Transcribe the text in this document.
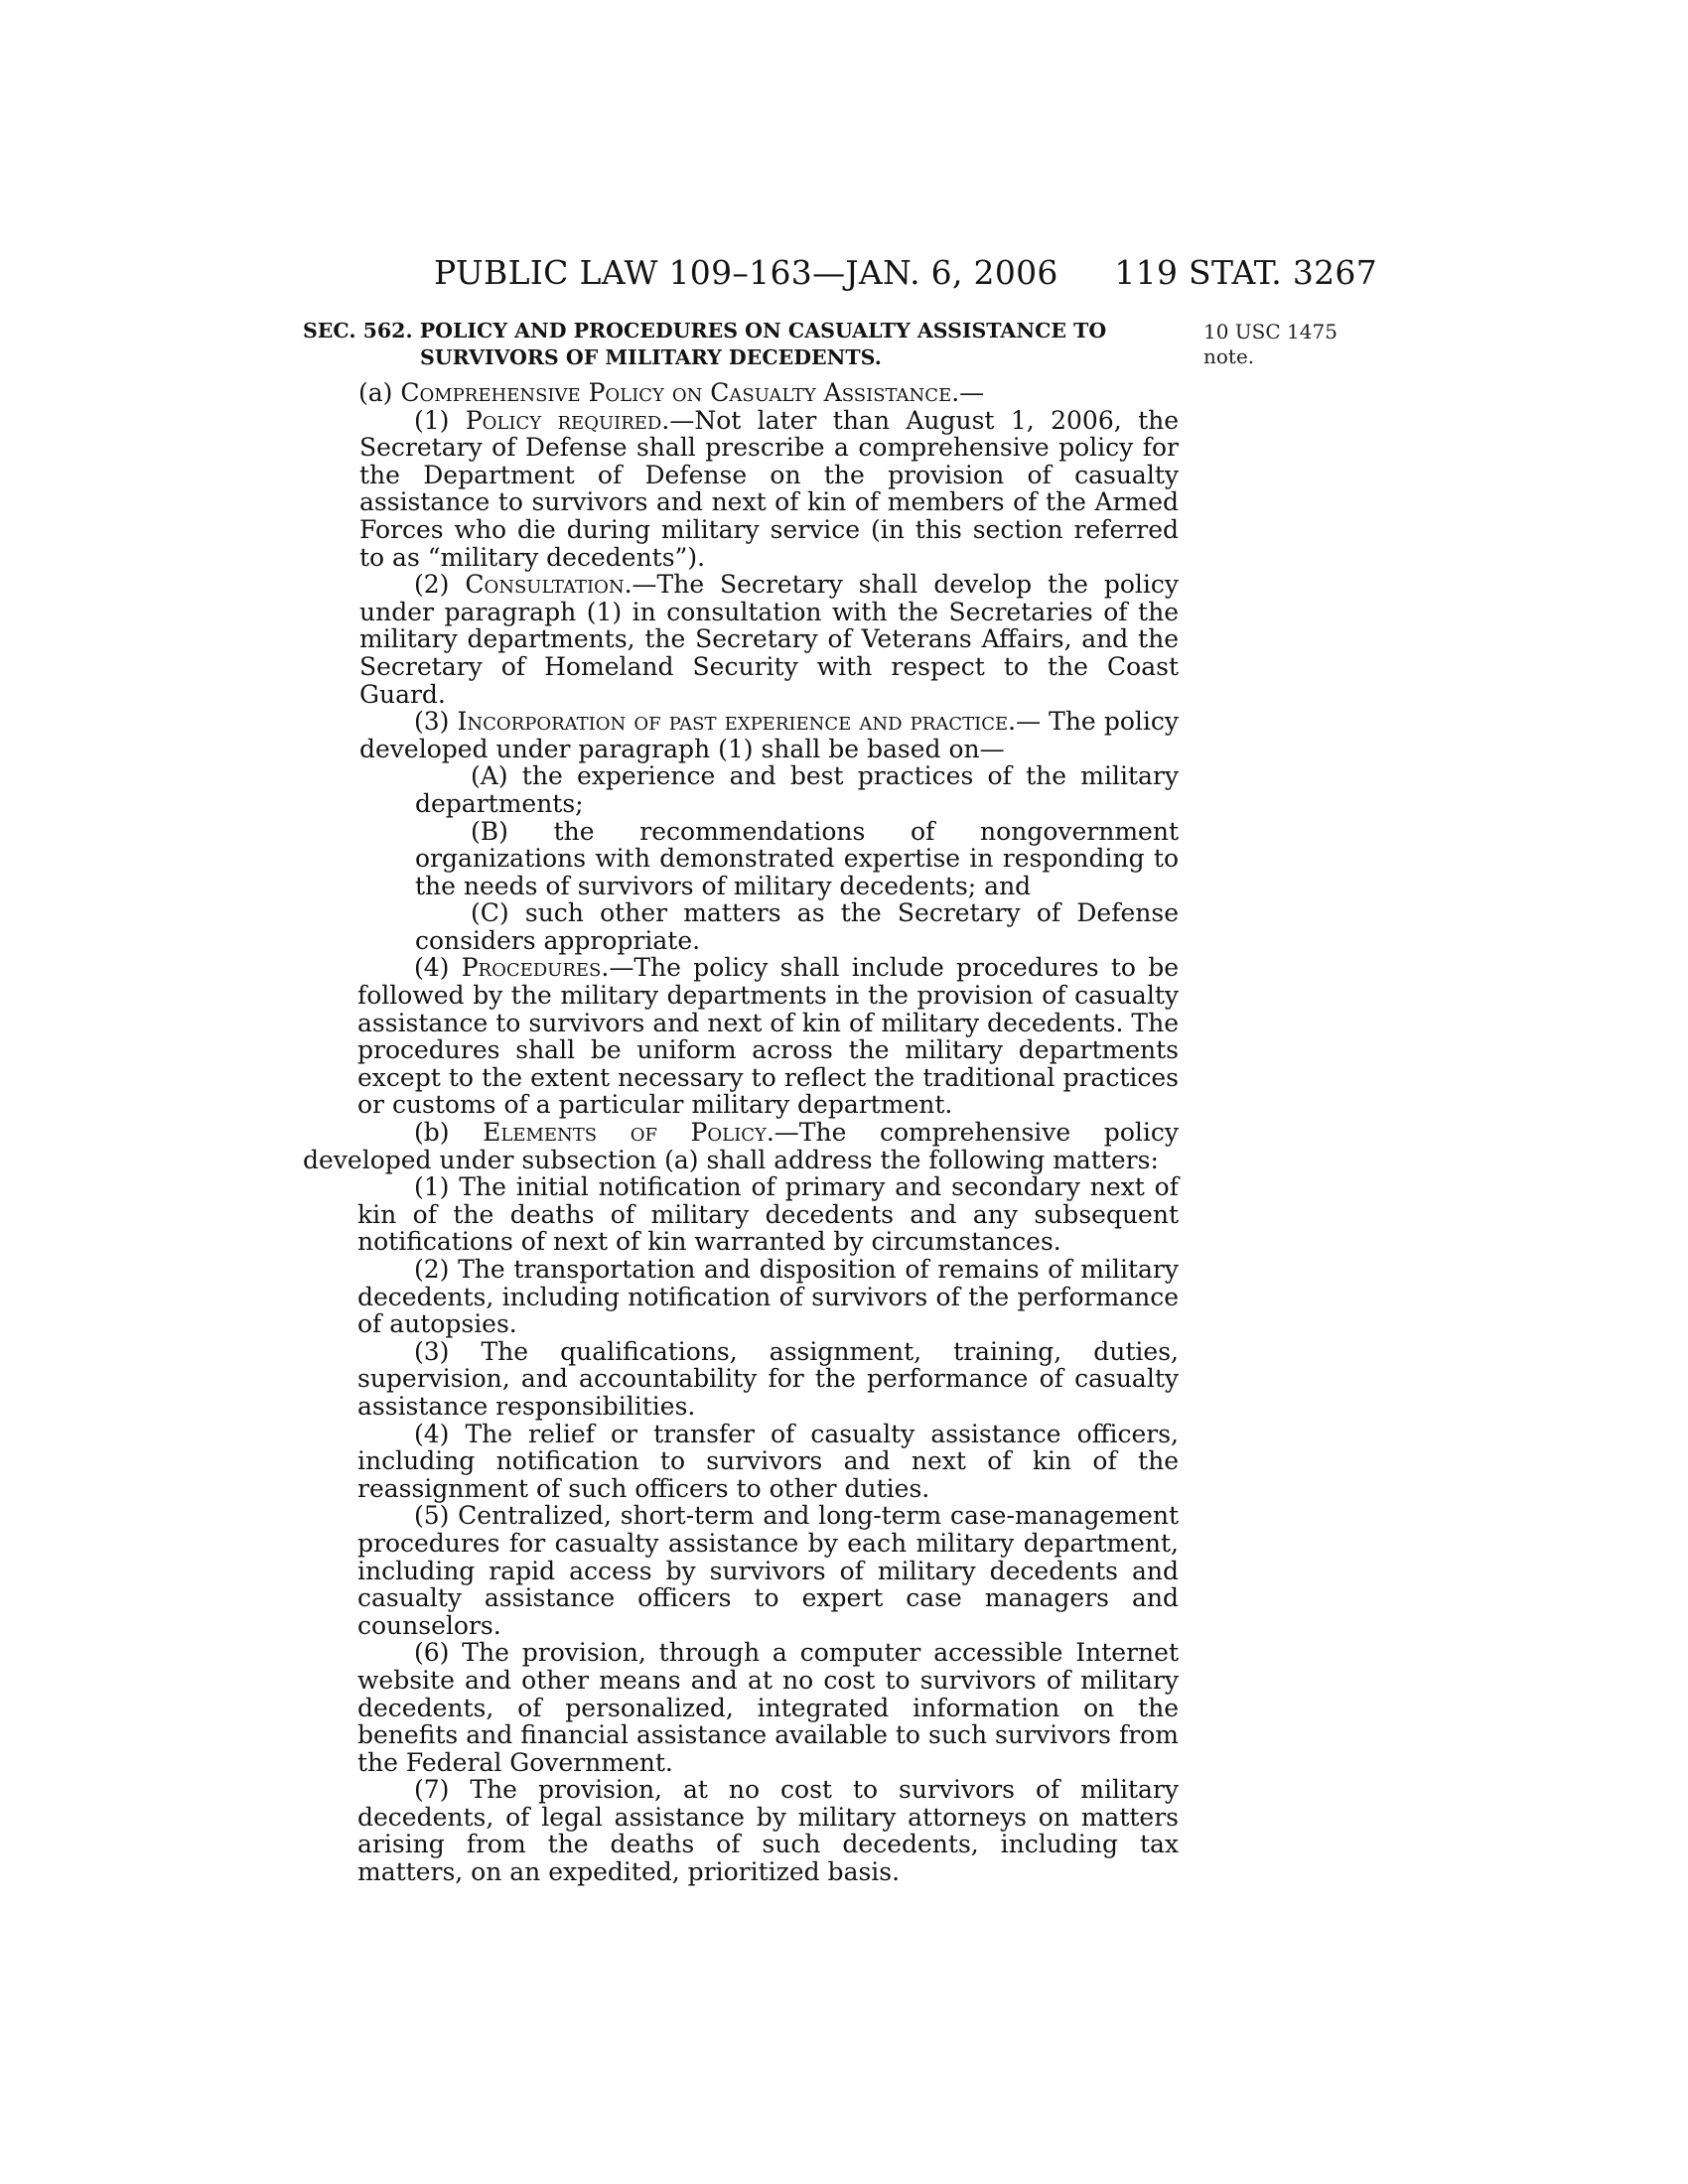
PUBLIC LAW 109–163—JAN. 6, 2006 119 STAT. 3267
10 USC 1475
note.
SEC. 562. POLICY AND PROCEDURES ON CASUALTY ASSISTANCE TO
SURVIVORS OF MILITARY DECEDENTS.

(a) Comprehensive Policy on Casualty Assistance.—

(1) Policy required.—Not later than August 1, 2006, the Secretary of Defense shall prescribe a comprehensive policy for the Department of Defense on the provision of casualty assistance to survivors and next of kin of members of the Armed Forces who die during military service (in this section referred to as “military decedents”).

(2) Consultation.—The Secretary shall develop the policy under paragraph (1) in consultation with the Secretaries of the military departments, the Secretary of Veterans Affairs, and the Secretary of Homeland Security with respect to the Coast Guard.

(3) Incorporation of past experience and practice.— The policy developed under paragraph (1) shall be based on—

(A) the experience and best practices of the military departments;

(B) the recommendations of nongovernment organizations with demonstrated expertise in responding to the needs of survivors of military decedents; and

(C) such other matters as the Secretary of Defense considers appropriate.

(4) Procedures.—The policy shall include procedures to be followed by the military departments in the provision of casualty assistance to survivors and next of kin of military decedents. The procedures shall be uniform across the military departments except to the extent necessary to reflect the traditional practices or customs of a particular military department.

(b) Elements of Policy.—The comprehensive policy developed under subsection (a) shall address the following matters:

(1) The initial notification of primary and secondary next of kin of the deaths of military decedents and any subsequent notifications of next of kin warranted by circumstances.

(2) The transportation and disposition of remains of military decedents, including notification of survivors of the performance of autopsies.

(3) The qualifications, assignment, training, duties, supervision, and accountability for the performance of casualty assistance responsibilities.

(4) The relief or transfer of casualty assistance officers, including notification to survivors and next of kin of the reassignment of such officers to other duties.

(5) Centralized, short-term and long-term case-management procedures for casualty assistance by each military department, including rapid access by survivors of military decedents and casualty assistance officers to expert case managers and counselors.

(6) The provision, through a computer accessible Internet website and other means and at no cost to survivors of military decedents, of personalized, integrated information on the benefits and financial assistance available to such survivors from the Federal Government.

(7) The provision, at no cost to survivors of military decedents, of legal assistance by military attorneys on matters arising from the deaths of such decedents, including tax matters, on an expedited, prioritized basis.
